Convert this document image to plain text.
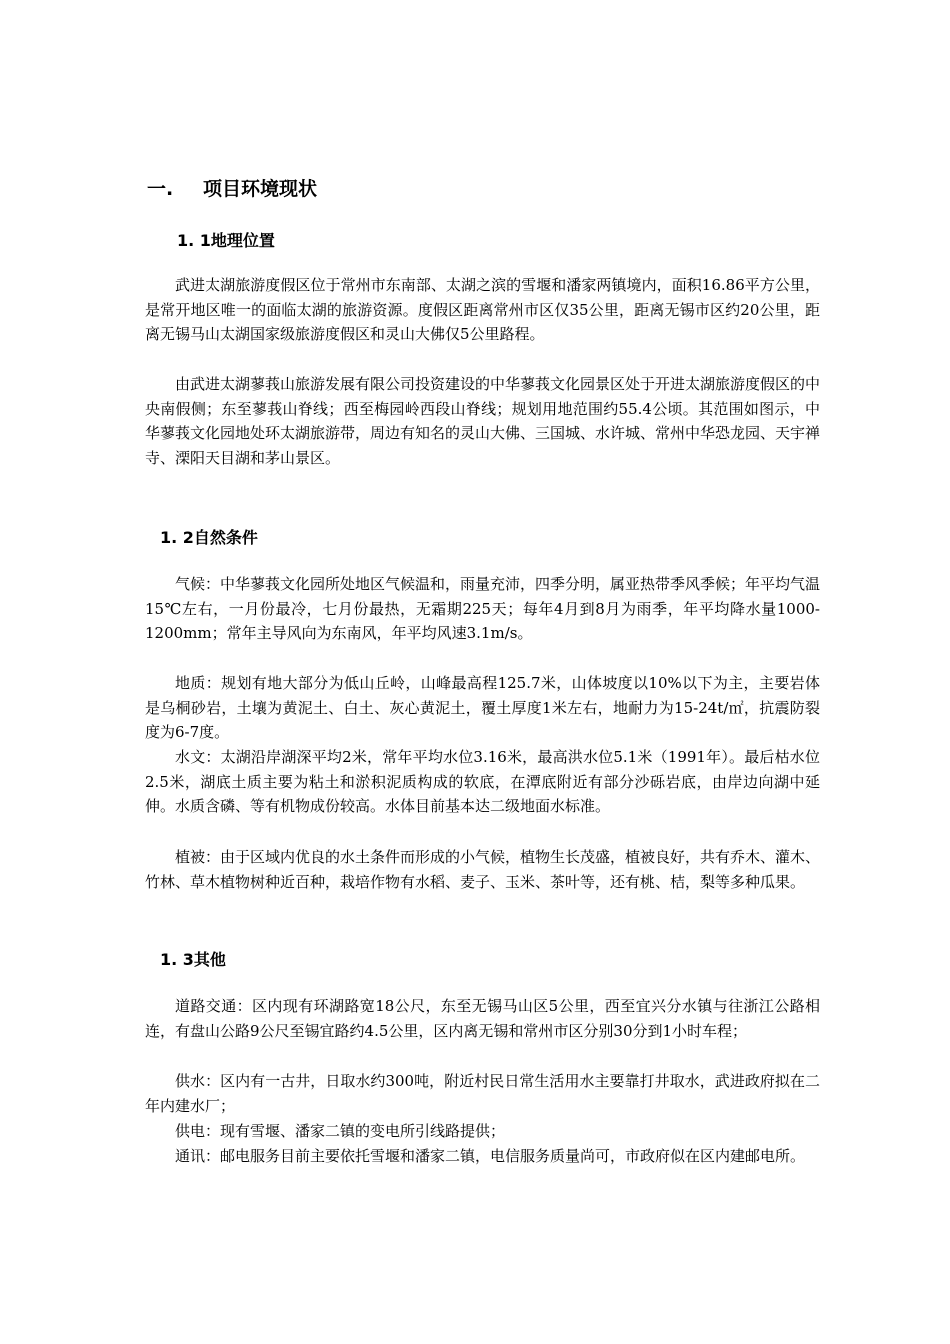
一. 项目环境现状
1. 1地理位置

武进太湖旅游度假区位于常州市东南部、太湖之滨的雪堰和潘家两镇境内，面积16.86平方公里，是常开地区唯一的面临太湖的旅游资源。度假区距离常州市区仅35公里，距离无锡市区约20公里，距离无锡马山太湖国家级旅游度假区和灵山大佛仅5公里路程。

由武进太湖蓼莪山旅游发展有限公司投资建设的中华蓼莪文化园景区处于开进太湖旅游度假区的中央南假侧；东至蓼莪山脊线；西至梅园岭西段山脊线；规划用地范围约55.4公顷。其范围如图示，中华蓼莪文化园地处环太湖旅游带，周边有知名的灵山大佛、三国城、水许城、常州中华恐龙园、天宇禅寺、溧阳天目湖和茅山景区。

1. 2自然条件

气候：中华蓼莪文化园所处地区气候温和，雨量充沛，四季分明，属亚热带季风季候；年平均气温15℃左右，一月份最冷，七月份最热，无霜期225天；每年4月到8月为雨季，年平均降水量1000-1200mm；常年主导风向为东南风，年平均风速3.1m/s。

地质：规划有地大部分为低山丘岭，山峰最高程125.7米，山体坡度以10%以下为主，主要岩体是乌桐砂岩，土壤为黄泥土、白土、灰心黄泥土，覆土厚度1米左右，地耐力为15-24t/㎡，抗震防裂度为6-7度。

水文：太湖沿岸湖深平均2米，常年平均水位3.16米，最高洪水位5.1米（1991年）。最后枯水位2.5米，湖底土质主要为粘土和淤积泥质构成的软底，在潭底附近有部分沙砾岩底，由岸边向湖中延伸。水质含磷、等有机物成份较高。水体目前基本达二级地面水标准。

植被：由于区域内优良的水土条件而形成的小气候，植物生长茂盛，植被良好，共有乔木、灌木、竹林、草木植物树种近百种，栽培作物有水稻、麦子、玉米、茶叶等，还有桃、桔，梨等多种瓜果。

1. 3其他

道路交通：区内现有环湖路宽18公尺，东至无锡马山区5公里，西至宜兴分水镇与往浙江公路相连，有盘山公路9公尺至锡宜路约4.5公里，区内离无锡和常州市区分别30分到1小时车程；

供水：区内有一古井，日取水约300吨，附近村民日常生活用水主要靠打井取水，武进政府拟在二年内建水厂；

供电：现有雪堰、潘家二镇的变电所引线路提供；

通讯：邮电服务目前主要依托雪堰和潘家二镇，电信服务质量尚可，市政府似在区内建邮电所。
